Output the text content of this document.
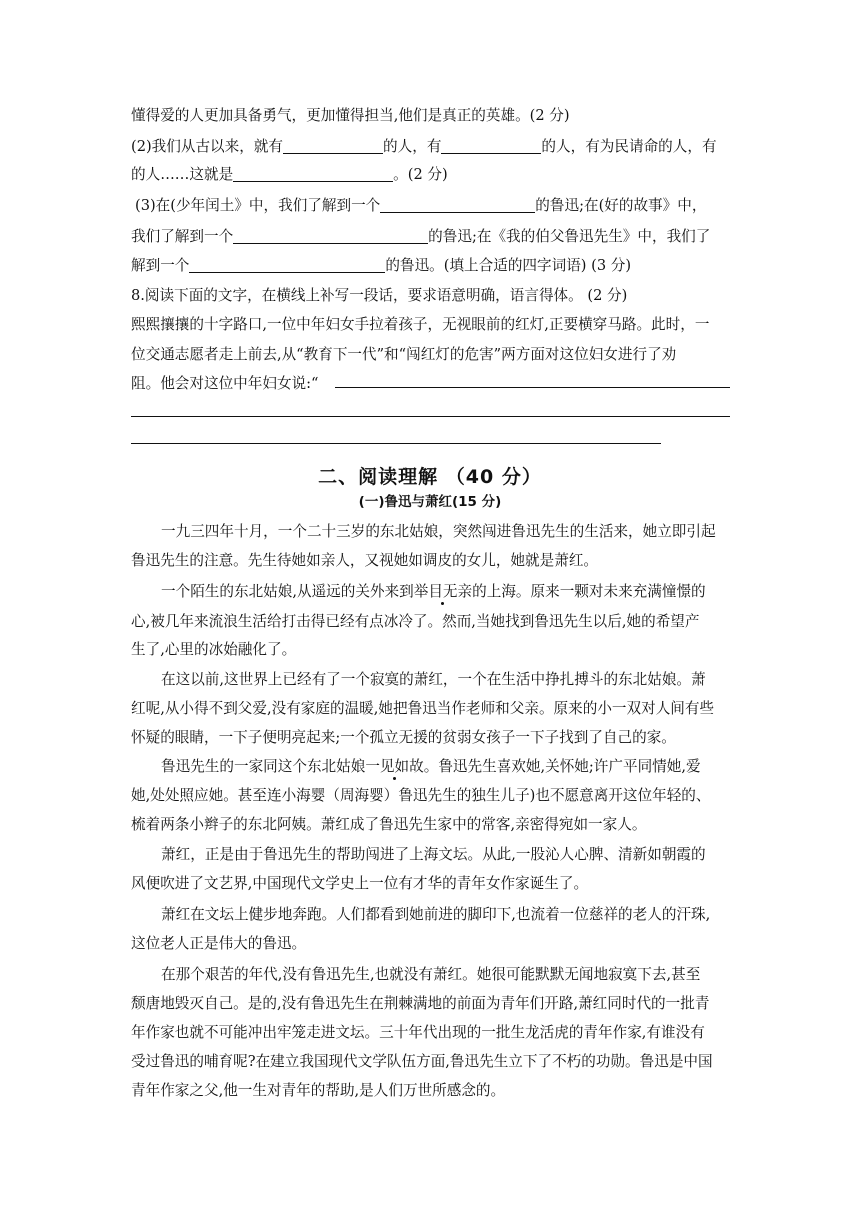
懂得爱的人更加具备勇气，更加懂得担当,他们是真正的英雄。(2 分)
(2)我们从古以来，就有	的人，有	的人，有为民请命的人，有
的人……这就是	。(2 分)
(3)在(少年闰土》中，我们了解到一个	的鲁迅;在(好的故事》中，
我们了解到一个	的鲁迅;在《我的伯父鲁迅先生》中，我们了
解到一个	的鲁迅。(填上合适的四字词语) (3 分)
8.阅读下面的文字，在横线上补写一段话，要求语意明确，语言得体。 (2 分)
熙熙攘攘的十字路口,一位中年妇女手拉着孩子，无视眼前的红灯,正要横穿马路。此时，一
位交通志愿者走上前去,从“教育下一代”和“闯红灯的危害”两方面对这位妇女进行了劝
阻。他会对这位中年妇女说:“
二、阅读理解 （40 分）
(一)鲁迅与萧红(15 分)
一九三四年十月，一个二十三岁的东北姑娘，突然闯进鲁迅先生的生活来，她立即引起
鲁迅先生的注意。先生待她如亲人，又视她如调皮的女儿，她就是萧红。
一个陌生的东北姑娘,从遥远的关外来到举目无亲的上海。原来一颗对未来充满憧憬的
心,被几年来流浪生活给打击得已经有点冰冷了。然而,当她找到鲁迅先生以后,她的希望产
生了,心里的冰始融化了。
在这以前,这世界上已经有了一个寂寞的萧红，一个在生活中挣扎搏斗的东北姑娘。萧
红呢,从小得不到父爱,没有家庭的温暖,她把鲁迅当作老师和父亲。原来的小一双对人间有些
怀疑的眼睛，一下子便明亮起来;一个孤立无援的贫弱女孩子一下子找到了自己的家。
鲁迅先生的一家同这个东北姑娘一见如故。鲁迅先生喜欢她,关怀她;许广平同情她,爱
她,处处照应她。甚至连小海婴（周海婴）鲁迅先生的独生儿子)也不愿意离开这位年轻的、
梳着两条小辫子的东北阿姨。萧红成了鲁迅先生家中的常客,亲密得宛如一家人。
萧红，正是由于鲁迅先生的帮助闯进了上海文坛。从此,一股沁人心脾、清新如朝霞的
风便吹进了文艺界,中国现代文学史上一位有才华的青年女作家诞生了。
萧红在文坛上健步地奔跑。人们都看到她前进的脚印下,也流着一位慈祥的老人的汗珠,
这位老人正是伟大的鲁迅。
在那个艰苦的年代,没有鲁迅先生,也就没有萧红。她很可能默默无闻地寂寞下去,甚至
颓唐地毁灭自己。是的,没有鲁迅先生在荆棘满地的前面为青年们开路,萧红同时代的一批青
年作家也就不可能冲出牢笼走进文坛。三十年代出现的一批生龙活虎的青年作家,有谁没有
受过鲁迅的哺育呢?在建立我国现代文学队伍方面,鲁迅先生立下了不朽的功勋。鲁迅是中国
青年作家之父,他一生对青年的帮助,是人们万世所感念的。
